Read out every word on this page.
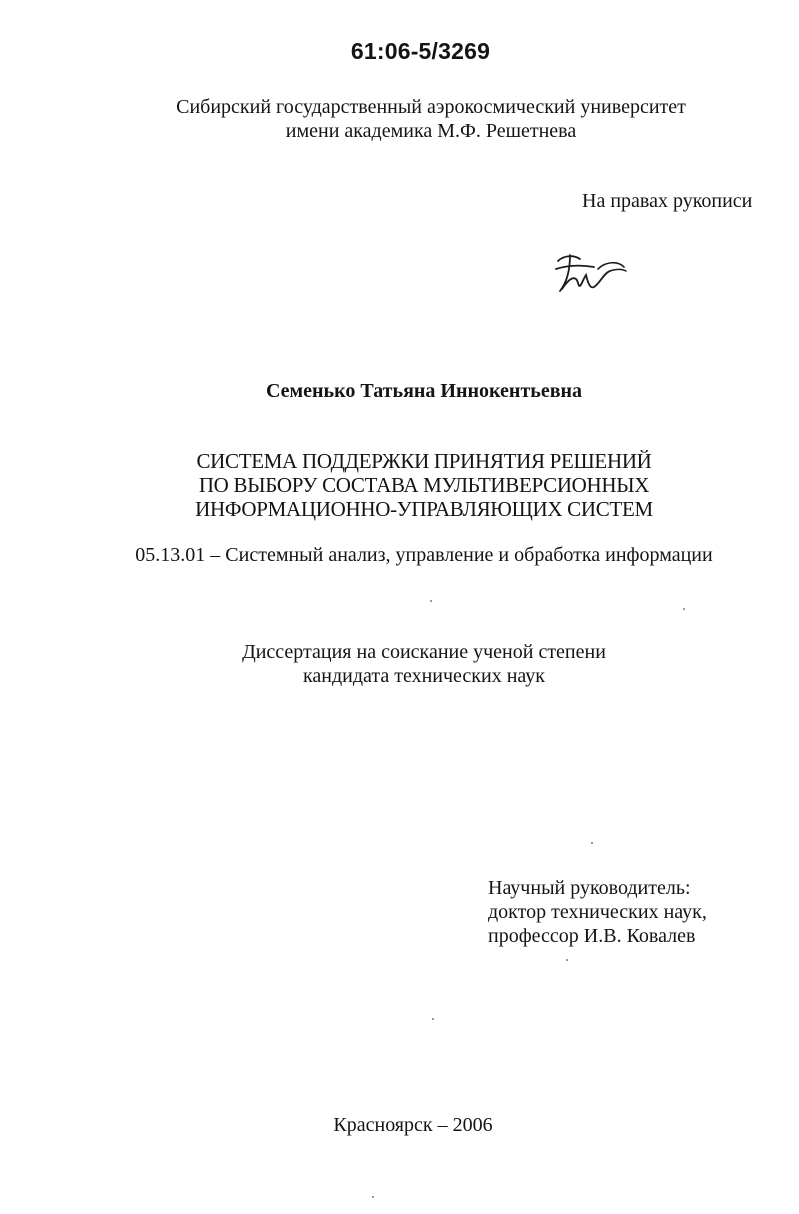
61:06-5/3269
Сибирский государственный аэрокосмический университет
имени академика М.Ф. Решетнева
На правах рукописи
Семенько Татьяна Иннокентьевна
СИСТЕМА ПОДДЕРЖКИ ПРИНЯТИЯ РЕШЕНИЙ
ПО ВЫБОРУ СОСТАВА МУЛЬТИВЕРСИОННЫХ
ИНФОРМАЦИОННО-УПРАВЛЯЮЩИХ СИСТЕМ
05.13.01 – Системный анализ, управление и обработка информации
Диссертация на соискание ученой степени
кандидата технических наук
Научный руководитель:
доктор технических наук,
профессор И.В. Ковалев
Красноярск – 2006
